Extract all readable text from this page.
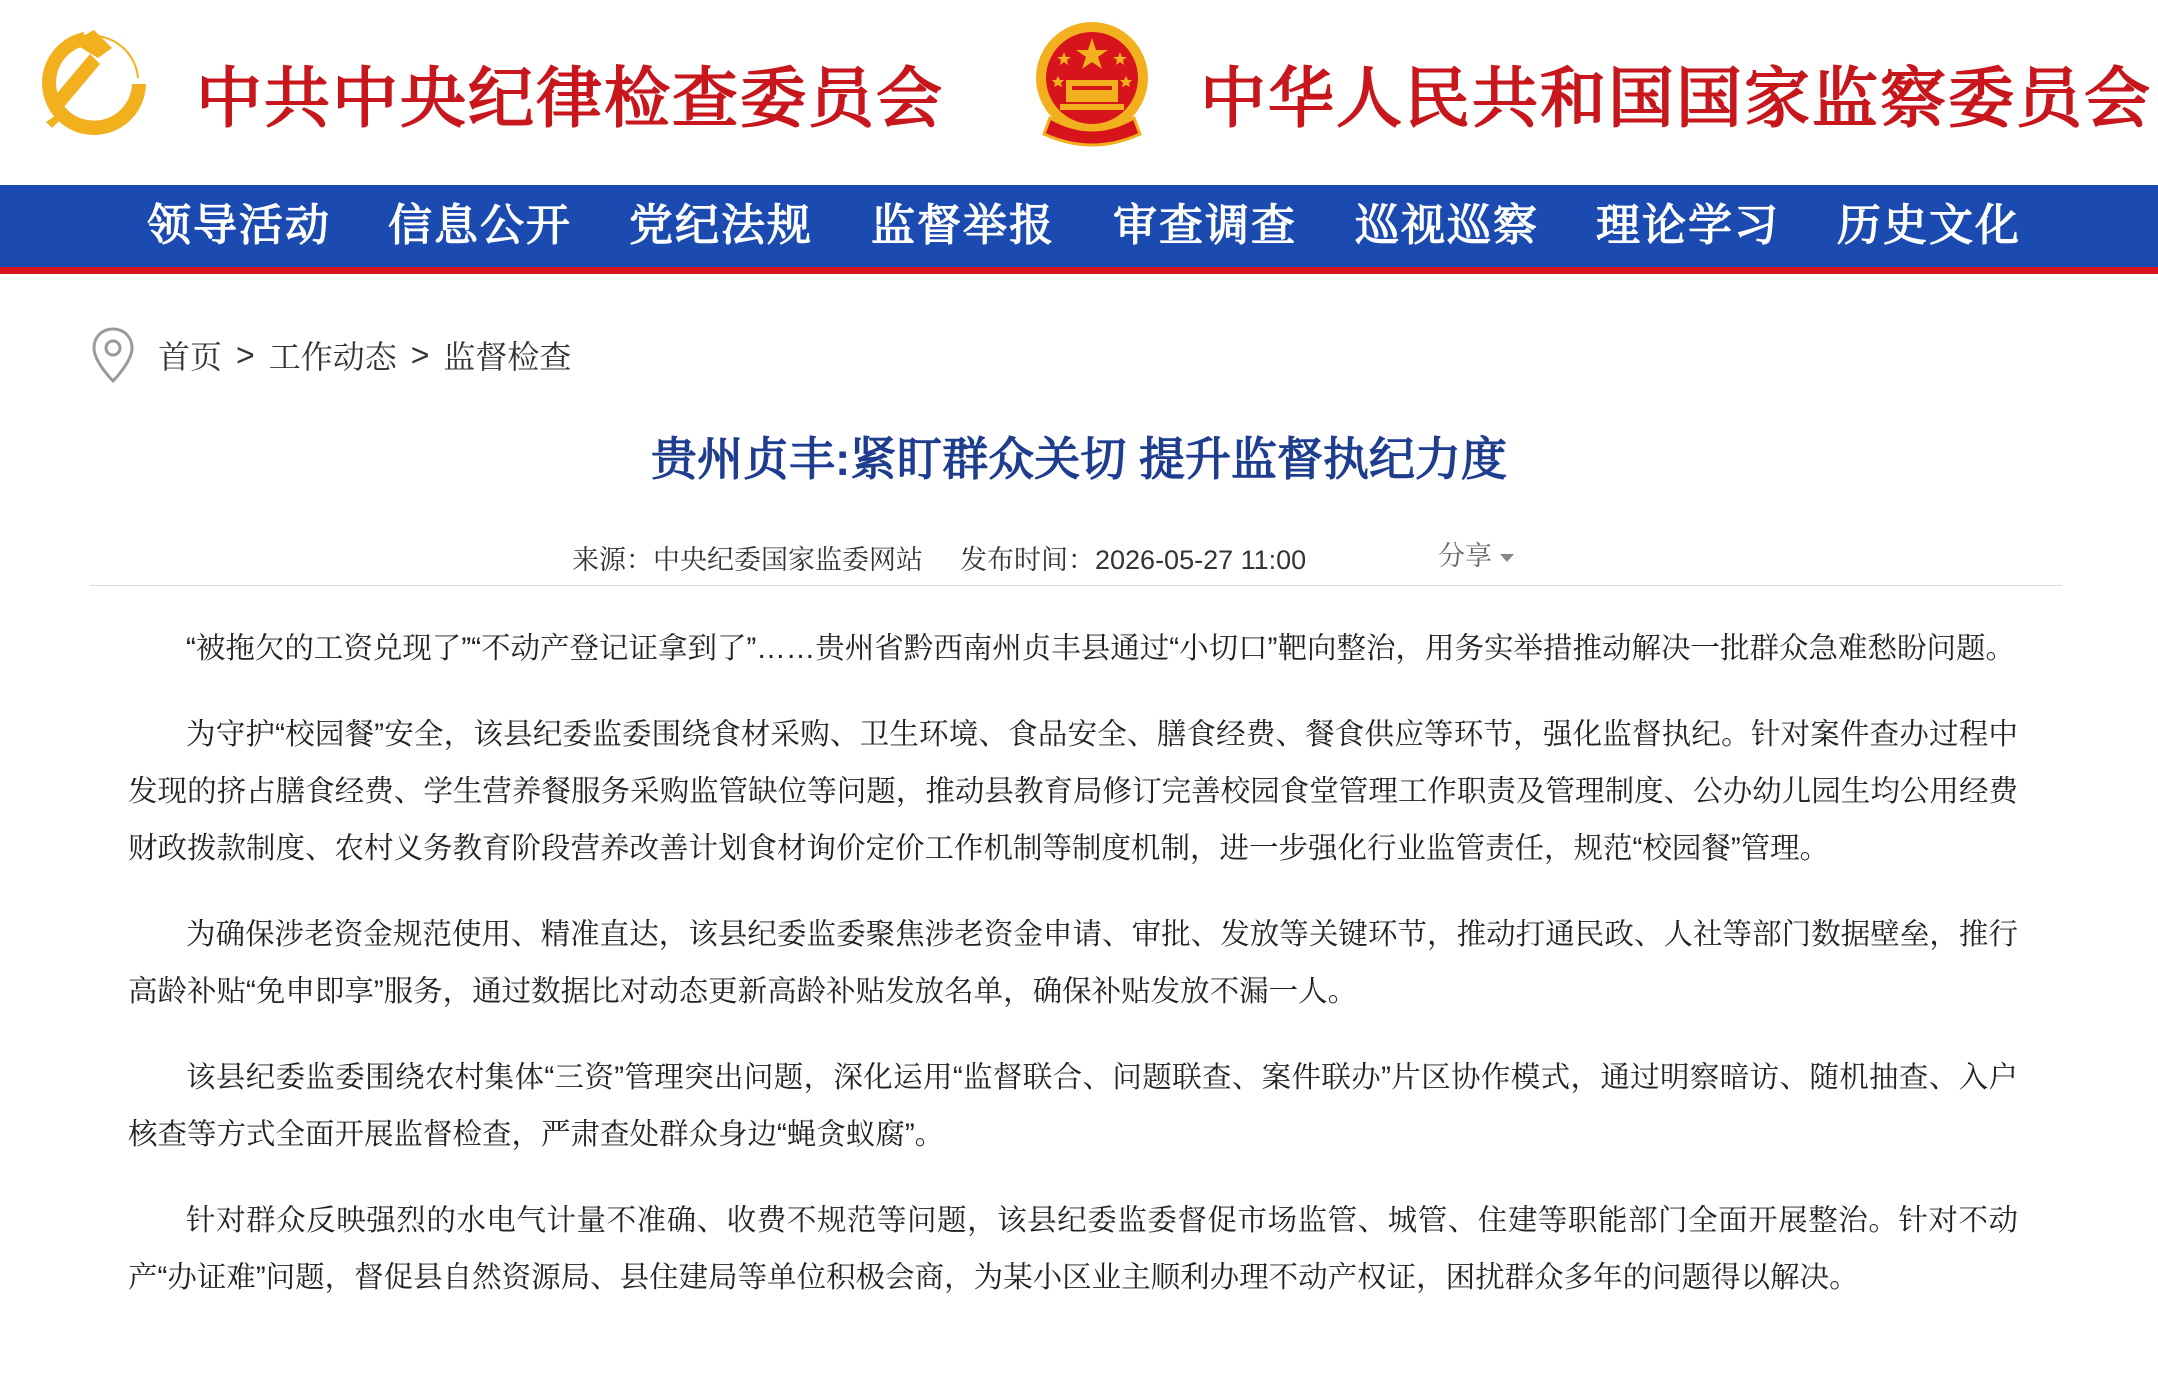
中共中央纪律检查委员会	中华人民共和国国家监察委员会
领导活动 信息公开 党纪法规 监督举报 审查调查 巡视巡察 理论学习 历史文化
首页 > 工作动态 > 监督检查
贵州贞丰:紧盯群众关切 提升监督执纪力度
来源：中央纪委国家监委网站 发布时间：2026-05-27 11:00	分享

“被拖欠的工资兑现了”“不动产登记证拿到了”……贵州省黔西南州贞丰县通过“小切口”靶向整治，用务实举措推动解决一批群众急难愁盼问题。

为守护“校园餐”安全，该县纪委监委围绕食材采购、卫生环境、食品安全、膳食经费、餐食供应等环节，强化监督执纪。针对案件查办过程中发现的挤占膳食经费、学生营养餐服务采购监管缺位等问题，推动县教育局修订完善校园食堂管理工作职责及管理制度、公办幼儿园生均公用经费财政拨款制度、农村义务教育阶段营养改善计划食材询价定价工作机制等制度机制，进一步强化行业监管责任，规范“校园餐”管理。

为确保涉老资金规范使用、精准直达，该县纪委监委聚焦涉老资金申请、审批、发放等关键环节，推动打通民政、人社等部门数据壁垒，推行高龄补贴“免申即享”服务，通过数据比对动态更新高龄补贴发放名单，确保补贴发放不漏一人。

该县纪委监委围绕农村集体“三资”管理突出问题，深化运用“监督联合、问题联查、案件联办”片区协作模式，通过明察暗访、随机抽查、入户核查等方式全面开展监督检查，严肃查处群众身边“蝇贪蚁腐”。

针对群众反映强烈的水电气计量不准确、收费不规范等问题，该县纪委监委督促市场监管、城管、住建等职能部门全面开展整治。针对不动产“办证难”问题，督促县自然资源局、县住建局等单位积极会商，为某小区业主顺利办理不动产权证，困扰群众多年的问题得以解决。
